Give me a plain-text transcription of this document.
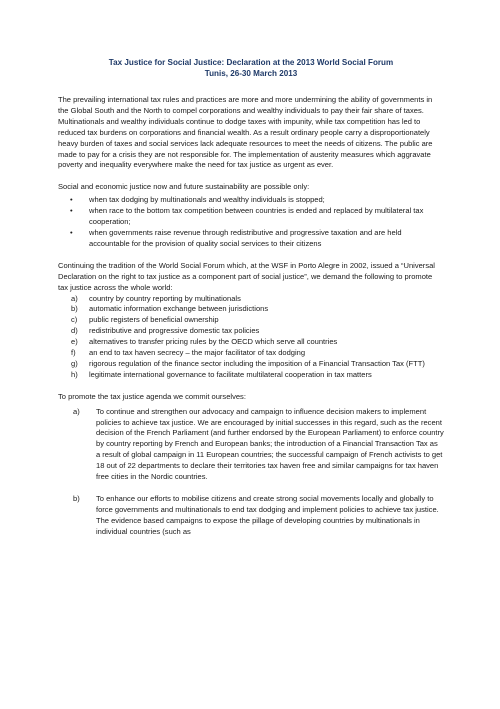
Tax Justice for Social Justice: Declaration at the 2013 World Social Forum
Tunis, 26-30 March 2013

The prevailing international tax rules and practices are more and more undermining the ability of governments in the Global South and the North to compel corporations and wealthy individuals to pay their fair share of taxes. Multinationals and wealthy individuals continue to dodge taxes with impunity, while tax competition has led to reduced tax burdens on corporations and financial wealth. As a result ordinary people carry a disproportionately heavy burden of taxes and social services lack adequate resources to meet the needs of citizens. The public are made to pay for a crisis they are not responsible for. The implementation of austerity measures which aggravate poverty and inequality everywhere make the need for tax justice as urgent as ever.

Social and economic justice now and future sustainability are possible only:

• when tax dodging by multinationals and wealthy individuals is stopped;
• when race to the bottom tax competition between countries is ended and replaced by multilateral tax cooperation;
• when governments raise revenue through redistributive and progressive taxation and are held accountable for the provision of quality social services to their citizens

Continuing the tradition of the World Social Forum which, at the WSF in Porto Alegre in 2002, issued a “Universal Declaration on the right to tax justice as a component part of social justice”, we demand the following to promote tax justice across the whole world:

a) country by country reporting by multinationals
b) automatic information exchange between jurisdictions
c) public registers of beneficial ownership
d) redistributive and progressive domestic tax policies
e) alternatives to transfer pricing rules by the OECD which serve all countries
f) an end to tax haven secrecy – the major facilitator of tax dodging
g) rigorous regulation of the finance sector including the imposition of a Financial Transaction Tax (FTT)
h) legitimate international governance to facilitate multilateral cooperation in tax matters

To promote the tax justice agenda we commit ourselves:

a) To continue and strengthen our advocacy and campaign to influence decision makers to implement policies to achieve tax justice. We are encouraged by initial successes in this regard, such as the recent decision of the French Parliament (and further endorsed by the European Parliament) to enforce country by country reporting by French and European banks; the introduction of a Financial Transaction Tax as a result of global campaign in 11 European countries; the successful campaign of French activists to get 18 out of 22 departments to declare their territories tax haven free and similar campaigns for tax haven free cities in the Nordic countries.
b) To enhance our efforts to mobilise citizens and create strong social movements locally and globally to force governments and multinationals to end tax dodging and implement policies to achieve tax justice. The evidence based campaigns to expose the pillage of developing countries by multinationals in individual countries (such as
